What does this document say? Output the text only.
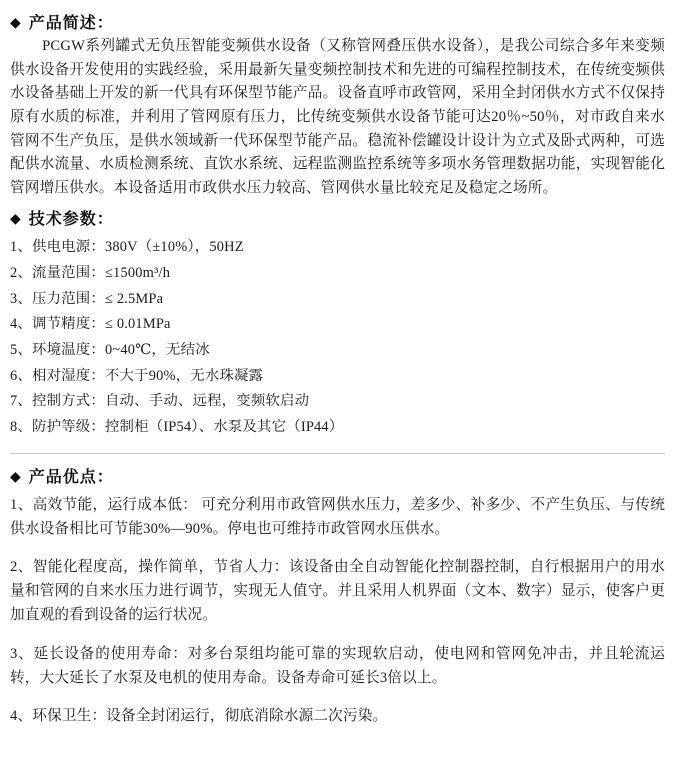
◆ 产品简述：

PCGW系列罐式无负压智能变频供水设备（又称管网叠压供水设备），是我公司综合多年来变频供水设备开发使用的实践经验，采用最新矢量变频控制技术和先进的可编程控制技术，在传统变频供水设备基础上开发的新一代具有环保型节能产品。设备直呼市政管网，采用全封闭供水方式不仅保持原有水质的标准，并利用了管网原有压力，比传统变频供水设备节能可达20％~50％，对市政自来水管网不生产负压，是供水领域新一代环保型节能产品。稳流补偿罐设计设计为立式及卧式两种，可选配供水流量、水质检测系统、直饮水系统、远程监测监控系统等多项水务管理数据功能，实现智能化管网增压供水。本设备适用市政供水压力较高、管网供水量比较充足及稳定之场所。

◆ 技术参数：
1、 供电电源：380V（±10%），50HZ
2、 流量范围：≤1500m³/h
3、 压力范围：≤ 2.5MPa
4、 调节精度：≤ 0.01MPa
5、 环境温度：0~40℃，无结冰
6、 相对湿度：不大于90%，无水珠凝露
7、 控制方式：自动、手动、远程，变频软启动
8、 防护等级：控制柜（IP54）、水泵及其它（IP44）
◆ 产品优点：
1、高效节能，运行成本低： 可充分利用市政管网供水压力，差多少、补多少、不产生负压、与传统供水设备相比可节能30%—90%。停电也可维持市政管网水压供水。
2、智能化程度高，操作简单，节省人力：该设备由全自动智能化控制器控制，自行根据用户的用水量和管网的自来水压力进行调节，实现无人值守。并且采用人机界面（文本、数字）显示，使客户更加直观的看到设备的运行状况。
3、延长设备的使用寿命：对多台泵组均能可靠的实现软启动，使电网和管网免冲击，并且轮流运转，大大延长了水泵及电机的使用寿命。设备寿命可延长3倍以上。
4、环保卫生：设备全封闭运行，彻底消除水源二次污染。
